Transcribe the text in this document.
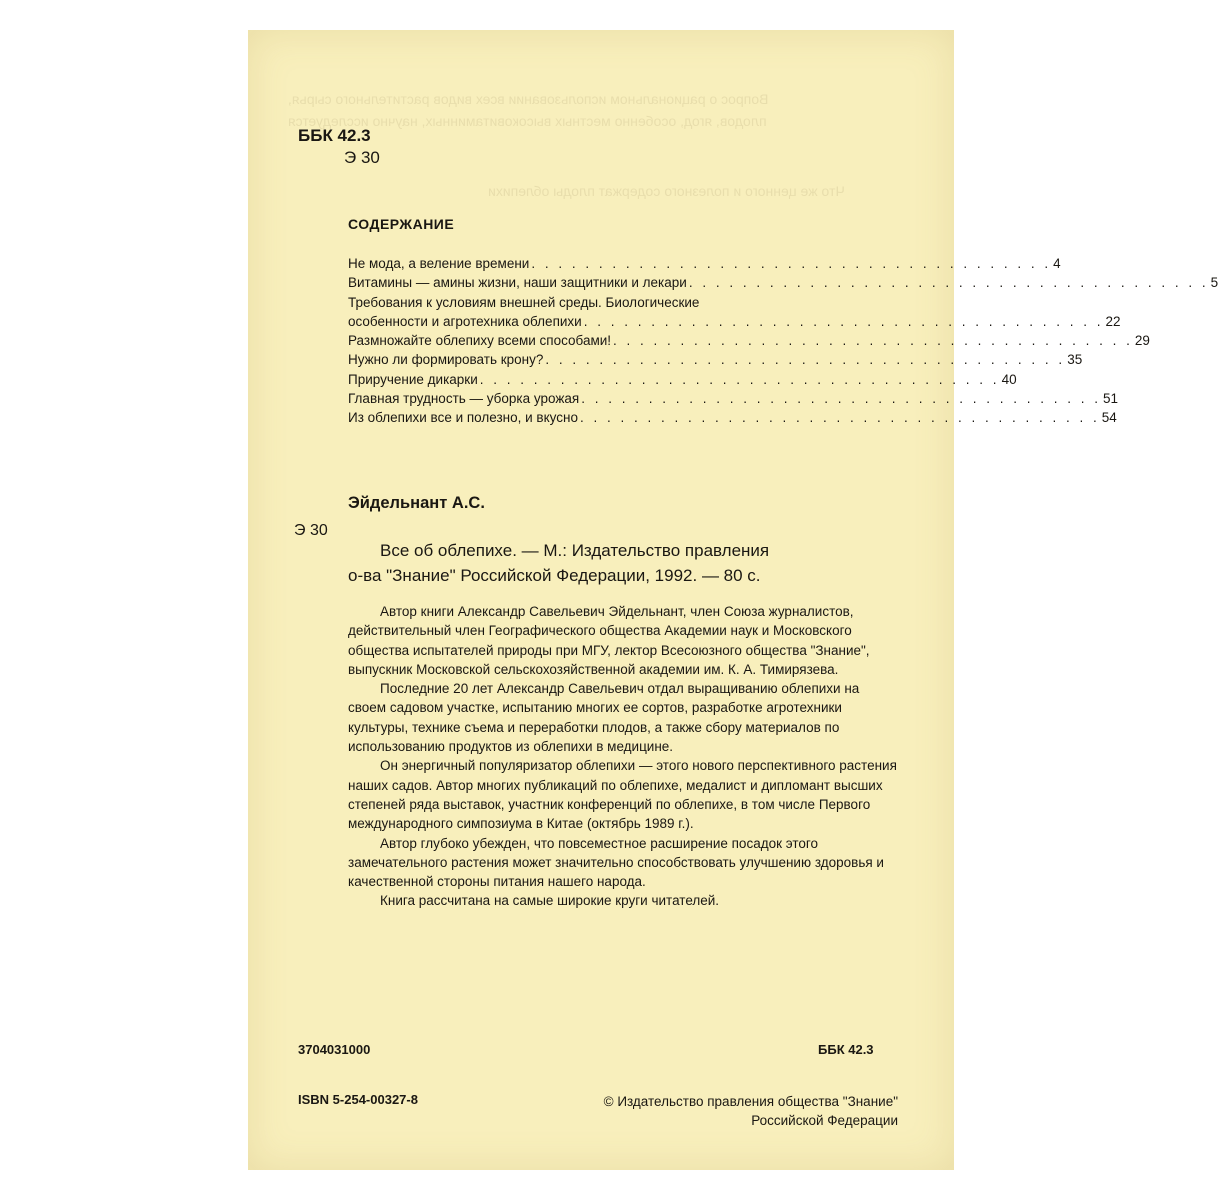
Вопрос о рациональном использовании всех видов растительного сырья,
плодов, ягод, особенно местных высоковитаминных, научно исследуется
Что же ценного и полезного содержат плоды облепихи
ББК 42.3
Э 30
СОДЕРЖАНИЕ
Не мода, а веление времени . . . . . . . . . . . . . . . . . . . . . . . . . . . . . . . . . . . . . . . 4
Витамины — амины жизни, наши защитники и лекари . . . . . . . . . . . . . . . . . . . . . . . . . . . . . . . . . . . . . . . 5
Требования к условиям внешней среды. Биологические
особенности и агротехника облепихи . . . . . . . . . . . . . . . . . . . . . . . . . . . . . . . . . . . . . . . 22
Размножайте облепиху всеми способами! . . . . . . . . . . . . . . . . . . . . . . . . . . . . . . . . . . . . . . . 29
Нужно ли формировать крону? . . . . . . . . . . . . . . . . . . . . . . . . . . . . . . . . . . . . . . . 35
Приручение дикарки . . . . . . . . . . . . . . . . . . . . . . . . . . . . . . . . . . . . . . . 40
Главная трудность — уборка урожая . . . . . . . . . . . . . . . . . . . . . . . . . . . . . . . . . . . . . . . 51
Из облепихи все и полезно, и вкусно . . . . . . . . . . . . . . . . . . . . . . . . . . . . . . . . . . . . . . . 54
Эйдельнант А.С.
Э 30
Все об облепихе. — М.: Издательство правления
о-ва "Знание" Российской Федерации, 1992. — 80 с.
Автор книги Александр Савельевич Эйдельнант, член Союза журналистов, действительный член Географического общества Академии наук и Московского общества испытателей природы при МГУ, лектор Всесоюзного общества "Знание", выпускник Московской сельскохозяйственной академии им. К. А. Тимирязева.
Последние 20 лет Александр Савельевич отдал выращиванию облепихи на своем садовом участке, испытанию многих ее сортов, разработке агротехники культуры, технике съема и переработки плодов, а также сбору материалов по использованию продуктов из облепихи в медицине.
Он энергичный популяризатор облепихи — этого нового перспективного растения наших садов. Автор многих публикаций по облепихе, медалист и дипломант высших степеней ряда выставок, участник конференций по облепихе, в том числе Первого международного симпозиума в Китае (октябрь 1989 г.).
Автор глубоко убежден, что повсеместное расширение посадок этого замечательного растения может значительно способствовать улучшению здоровья и качественной стороны питания нашего народа.
Книга рассчитана на самые широкие круги читателей.
3704031000	ББК 42.3
ISBN 5-254-00327-8	© Издательство правления общества "Знание"
Российской Федерации
